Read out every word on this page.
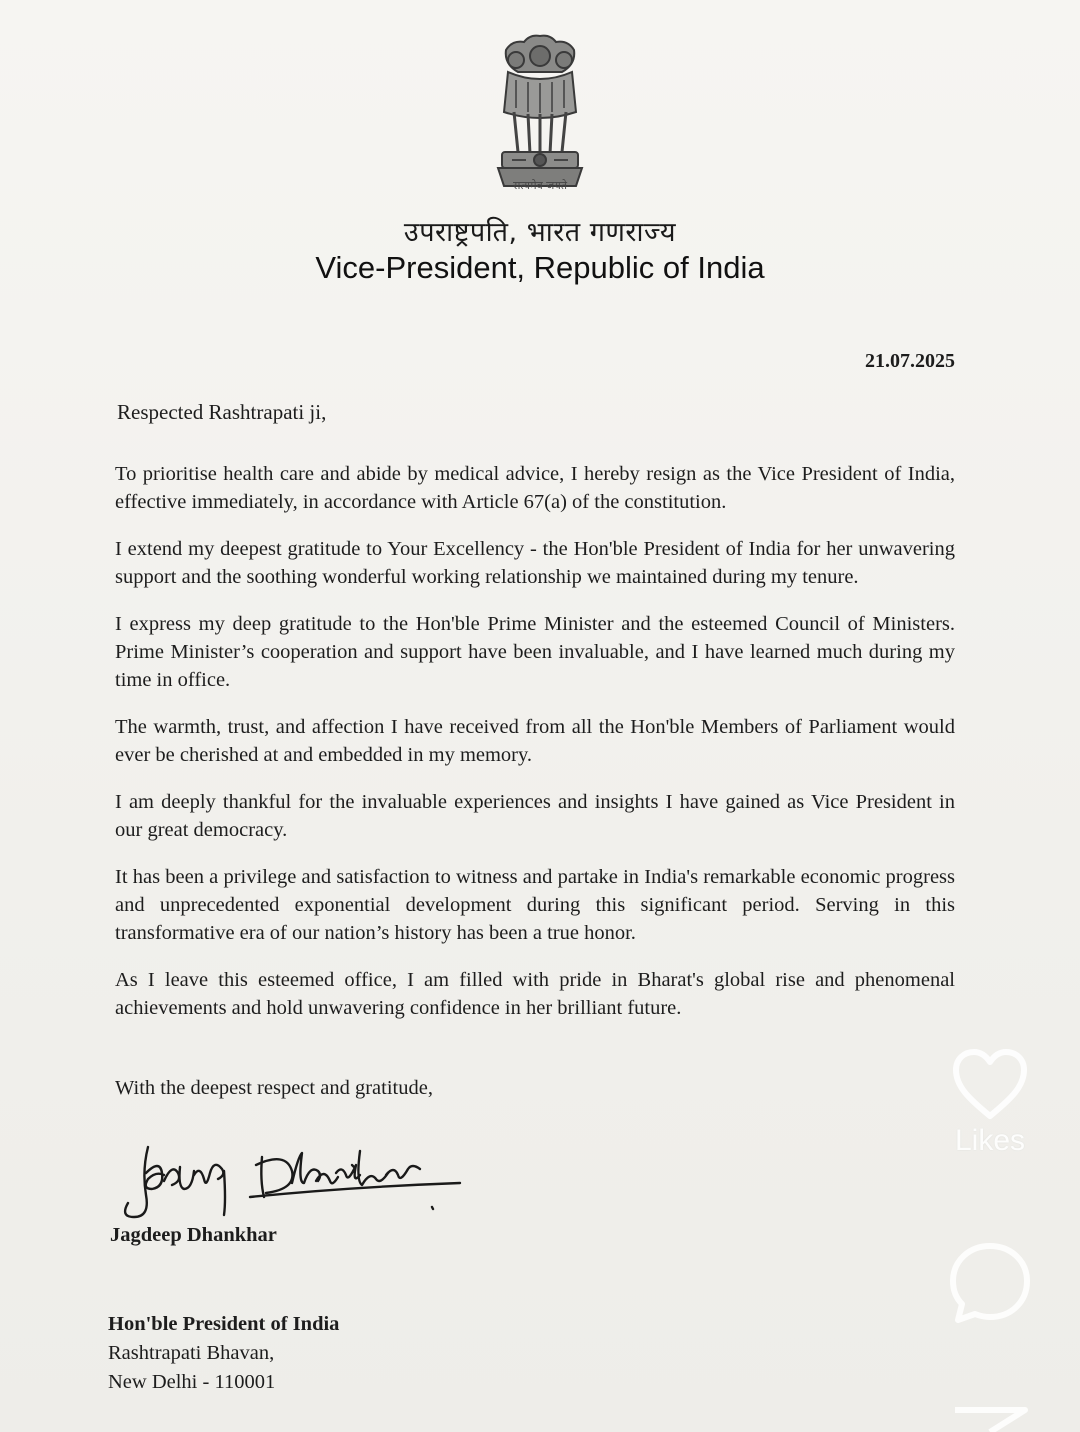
सत्यमेव जयते
उपराष्ट्रपति, भारत गणराज्य
Vice-President, Republic of India
21.07.2025
Respected Rashtrapati ji,

To prioritise health care and abide by medical advice, I hereby resign as the Vice President of India, effective immediately, in accordance with Article 67(a) of the constitution.

I extend my deepest gratitude to Your Excellency - the Hon'ble President of India for her unwavering support and the soothing wonderful working relationship we maintained during my tenure.

I express my deep gratitude to the Hon'ble Prime Minister and the esteemed Council of Ministers. Prime Minister’s cooperation and support have been invaluable, and I have learned much during my time in office.

The warmth, trust, and affection I have received from all the Hon'ble Members of Parliament would ever be cherished at and embedded in my memory.

I am deeply thankful for the invaluable experiences and insights I have gained as Vice President in our great democracy.

It has been a privilege and satisfaction to witness and partake in India's remarkable economic progress and unprecedented exponential development during this significant period. Serving in this transformative era of our nation’s history has been a true honor.

As I leave this esteemed office, I am filled with pride in Bharat's global rise and phenomenal achievements and hold unwavering confidence in her brilliant future.

With the deepest respect and gratitude,
Jagdeep Dhankhar
Hon'ble President of India
Rashtrapati Bhavan,
New Delhi - 110001
Likes
